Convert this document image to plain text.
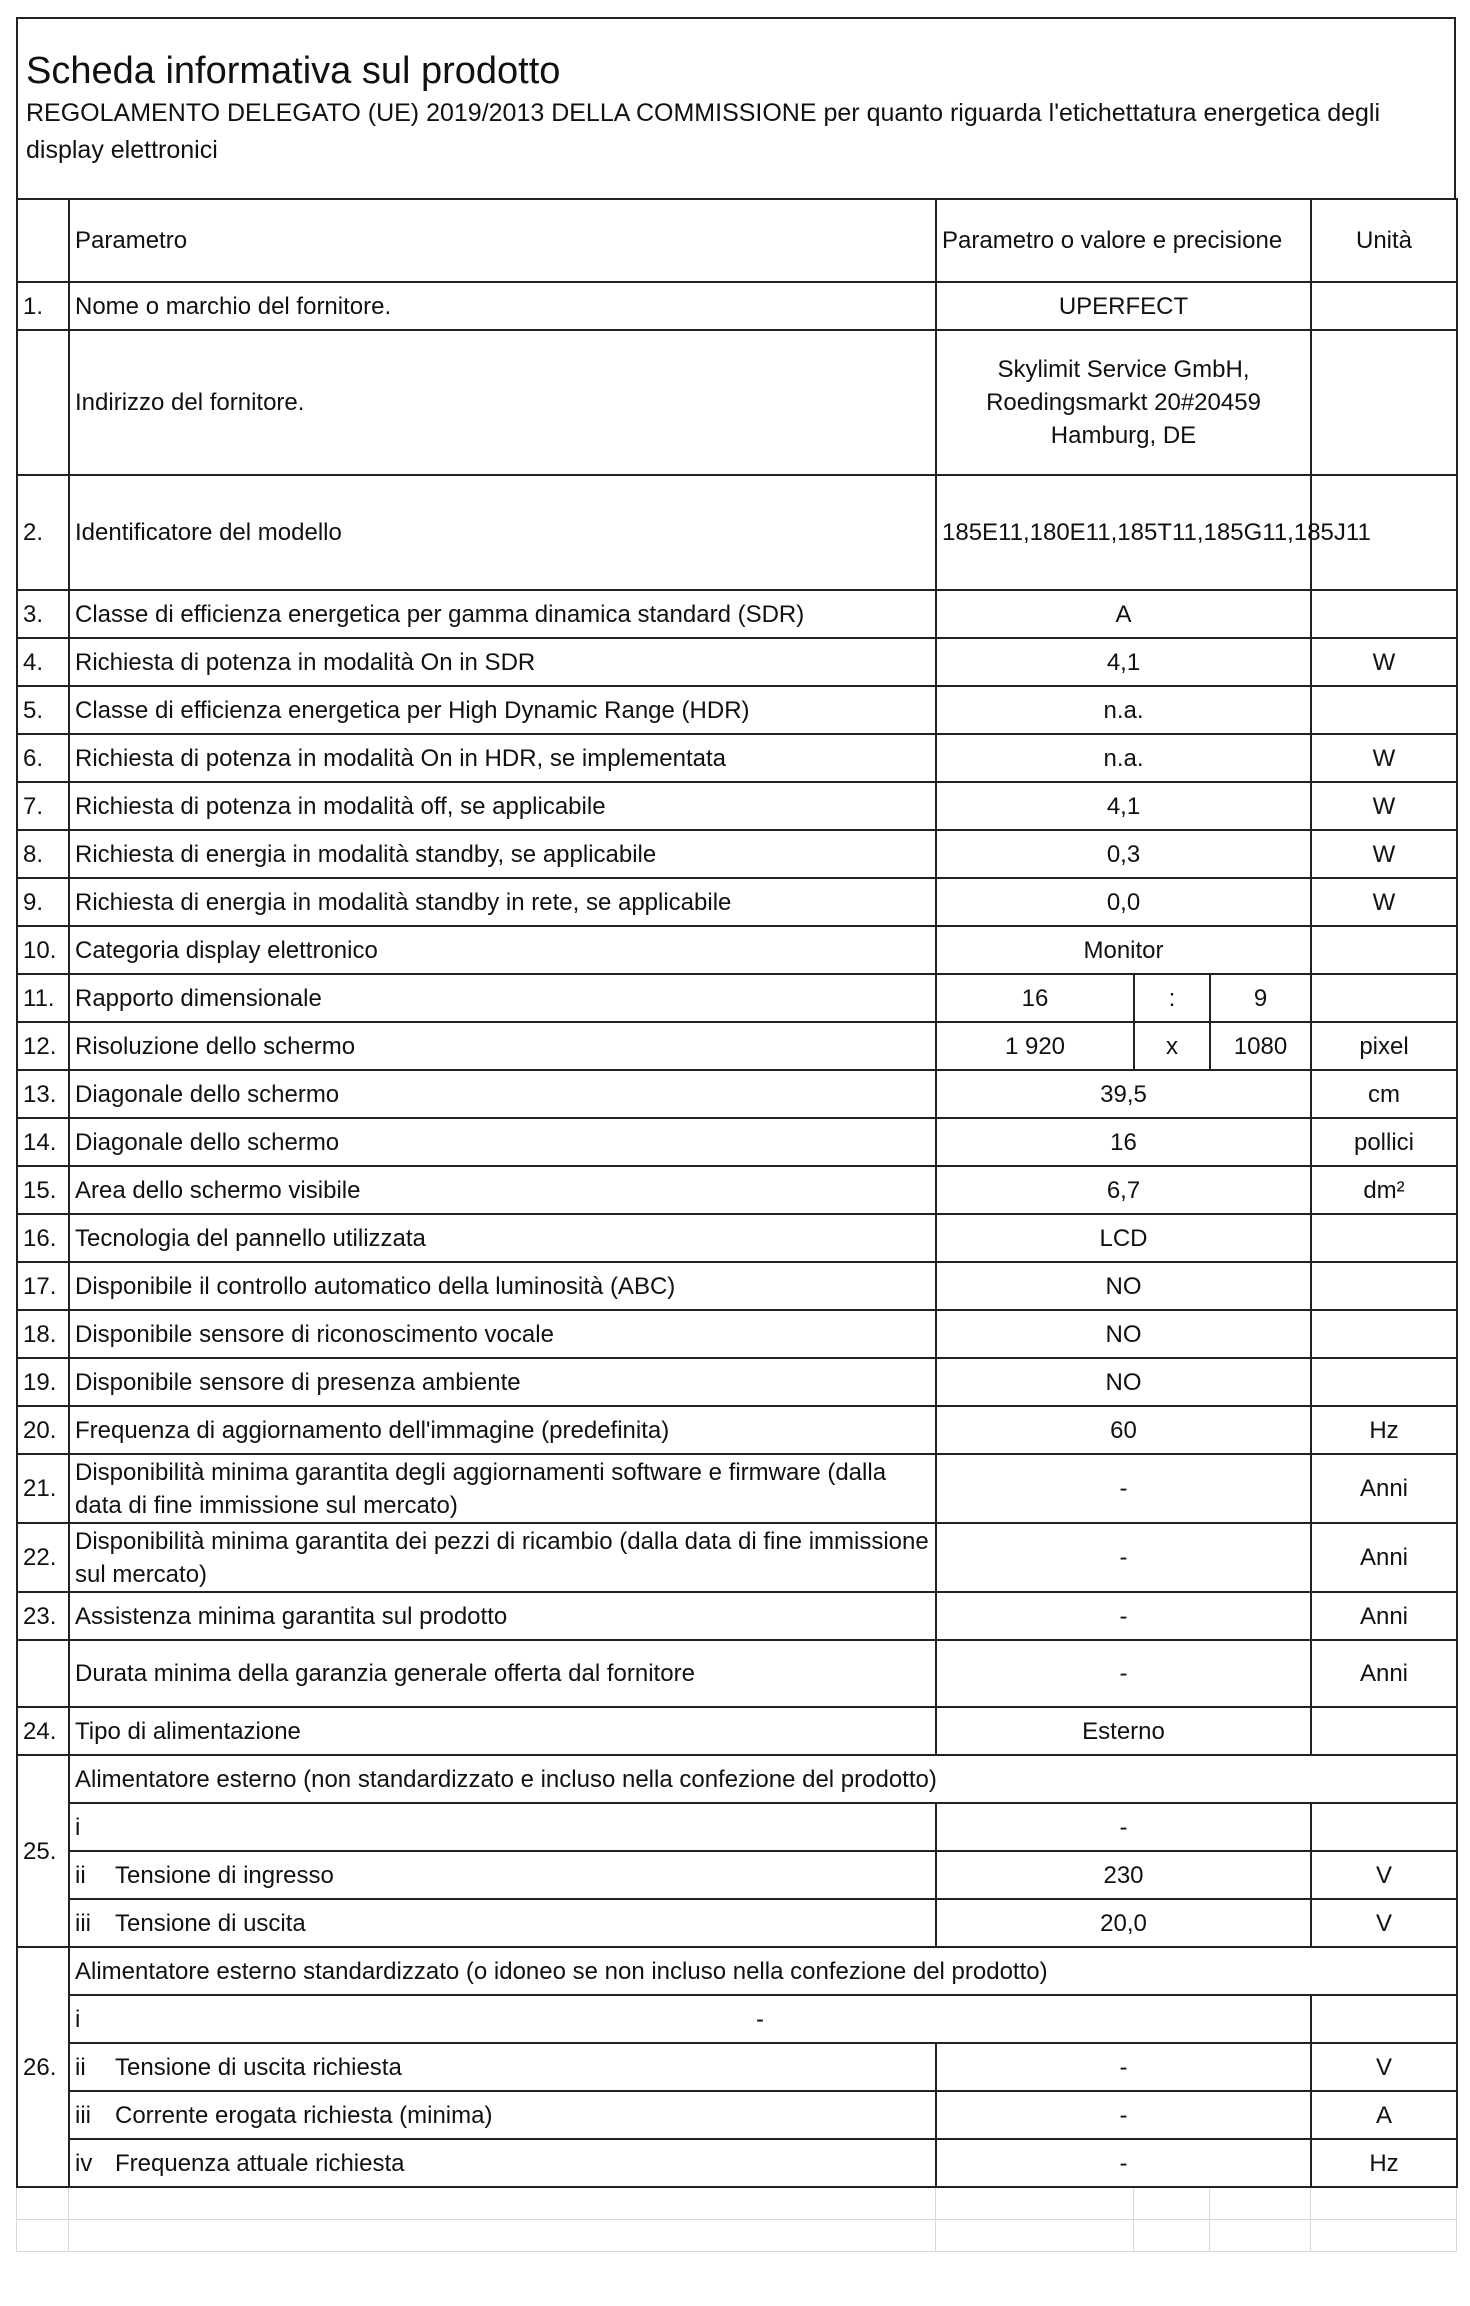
Scheda informativa sul prodotto
REGOLAMENTO DELEGATO (UE) 2019/2013 DELLA COMMISSIONE per quanto riguarda l'etichettatura energetica degli display elettronici
	Parametro	Parametro o valore e precisione			Unità
1.	Nome o marchio del fornitore.	UPERFECT			
	Indirizzo del fornitore.	Skylimit Service GmbH, Roedingsmarkt 20#20459 Hamburg, DE			
2.	Identificatore del modello	185E11,180E11,185T11,185G11,185J11			
3.	Classe di efficienza energetica per gamma dinamica standard (SDR)	A			
4.	Richiesta di potenza in modalità On in SDR	4,1			W
5.	Classe di efficienza energetica per High Dynamic Range (HDR)	n.a.			
6.	Richiesta di potenza in modalità On in HDR, se implementata	n.a.			W
7.	Richiesta di potenza in modalità off, se applicabile	4,1			W
8.	Richiesta di energia in modalità standby, se applicabile	0,3			W
9.	Richiesta di energia in modalità standby in rete, se applicabile	0,0			W
10.	Categoria display elettronico	Monitor			
11.	Rapporto dimensionale	16	:	9	
12.	Risoluzione dello schermo	1 920	x	1080	pixel
13.	Diagonale dello schermo	39,5			cm
14.	Diagonale dello schermo	16			pollici
15.	Area dello schermo visibile	6,7			dm²
16.	Tecnologia del pannello utilizzata	LCD			
17.	Disponibile il controllo automatico della luminosità (ABC)	NO			
18.	Disponibile sensore di riconoscimento vocale	NO			
19.	Disponibile sensore di presenza ambiente	NO			
20.	Frequenza di aggiornamento dell'immagine (predefinita)	60			Hz
21.	Disponibilità minima garantita degli aggiornamenti software e firmware (dalla data di fine immissione sul mercato)	-			Anni
22.	Disponibilità minima garantita dei pezzi di ricambio (dalla data di fine immissione sul mercato)	-			Anni
23.	Assistenza minima garantita sul prodotto	-			Anni
	Durata minima della garanzia generale offerta dal fornitore	-			Anni
24.	Tipo di alimentazione	Esterno			
25.	Alimentatore esterno (non standardizzato e incluso nella confezione del prodotto)				
	i	-			
	ii Tensione di ingresso	230			V
	iii Tensione di uscita	20,0			V
26.	Alimentatore esterno standardizzato (o idoneo se non incluso nella confezione del prodotto)				
	i -				

	ii Tensione di uscita richiesta	-			V
	iii Corrente erogata richiesta (minima)	-			A
	iv Frequenza attuale richiesta	-			Hz
